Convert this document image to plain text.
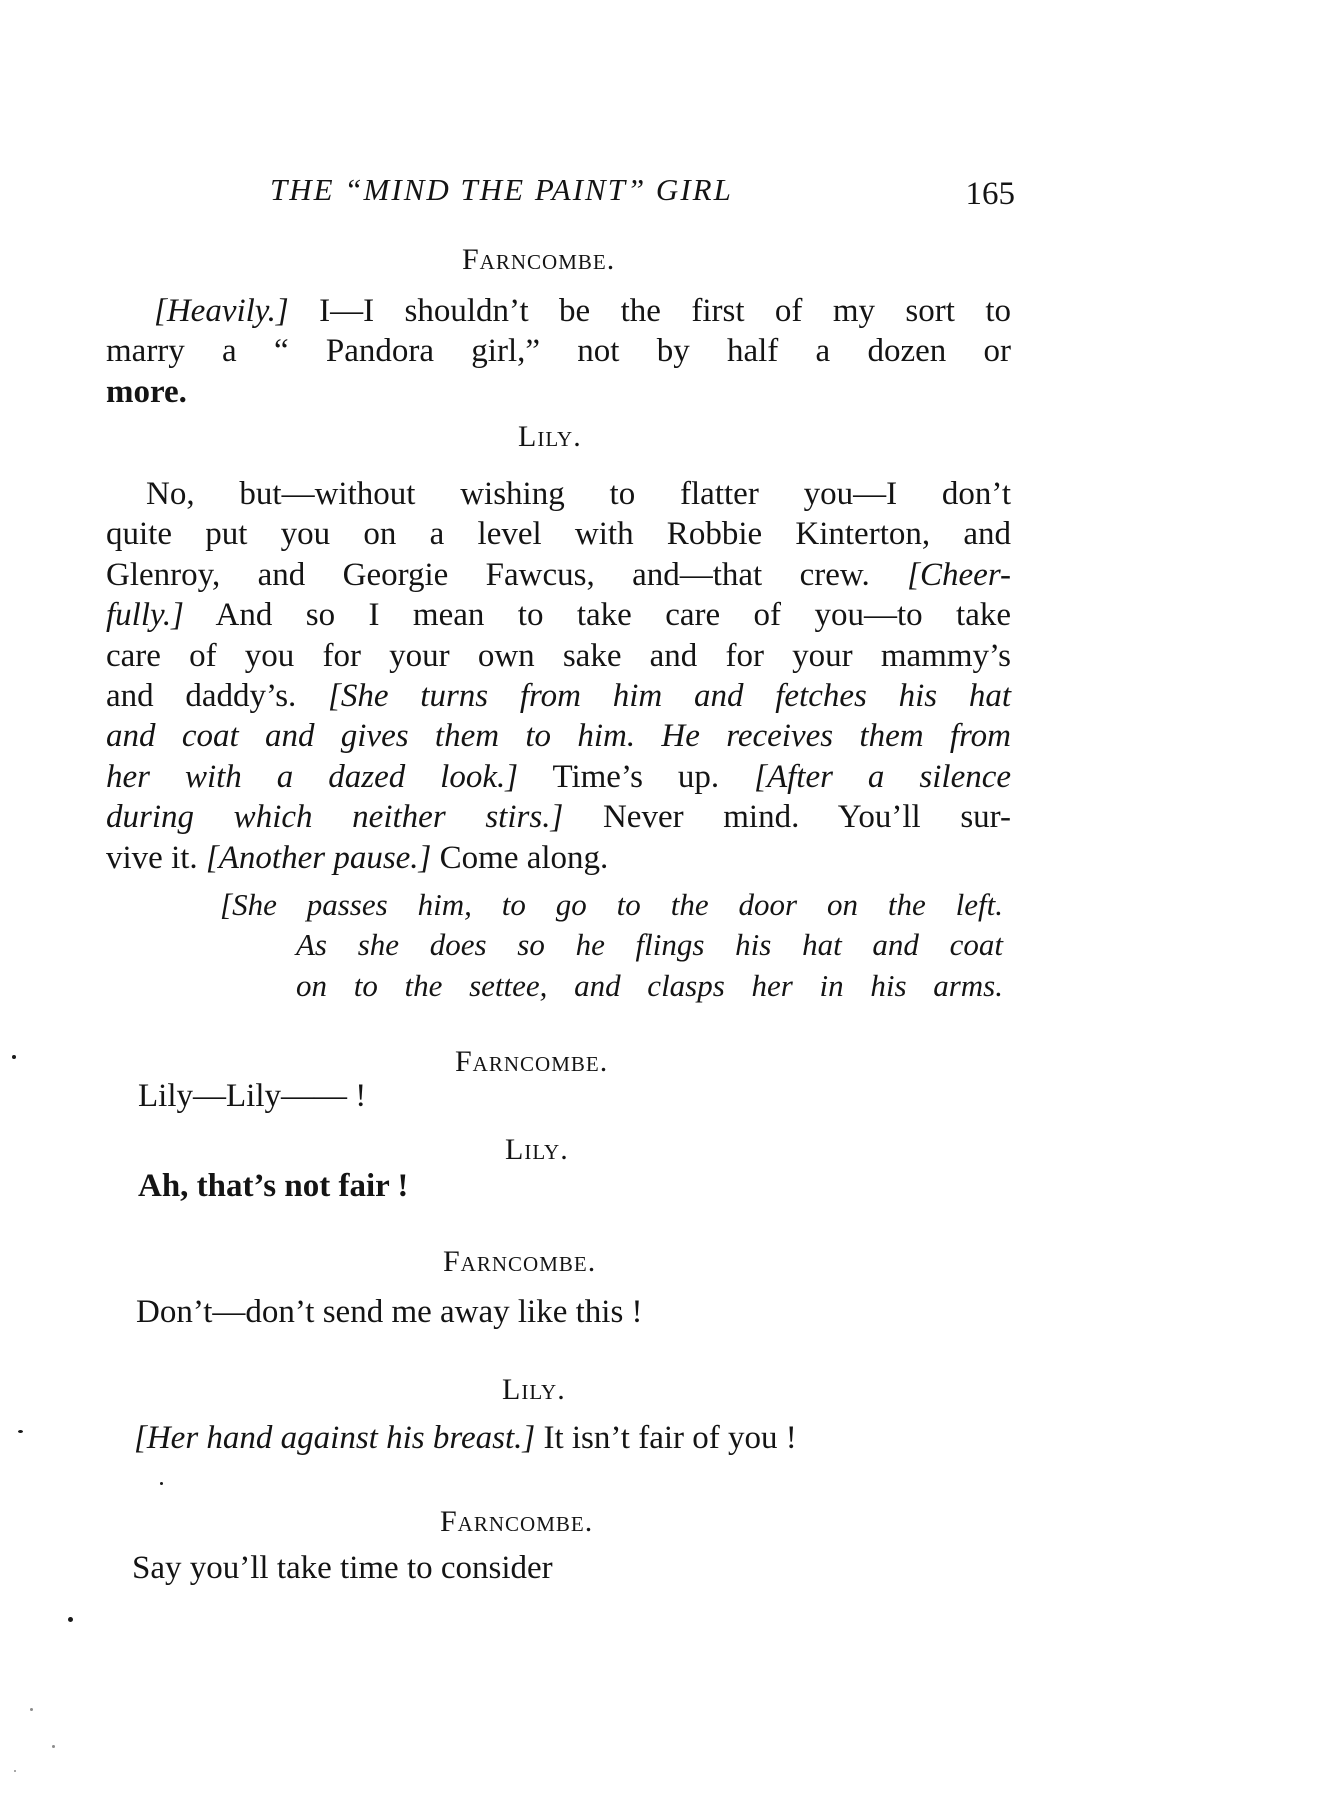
THE “MIND THE PAINT” GIRL	165
Farncombe.
[Heavily.] I—I shouldn’t be the first of my sort to
marry a “ Pandora girl,” not by half a dozen or
more.
Lily.
No, but—without wishing to flatter you—I don’t
quite put you on a level with Robbie Kinterton, and
Glenroy, and Georgie Fawcus, and—that crew. [Cheer-
fully.] And so I mean to take care of you—to take
care of you for your own sake and for your mammy’s
and daddy’s. [She turns from him and fetches his hat
and coat and gives them to him. He receives them from
her with a dazed look.] Time’s up. [After a silence
during which neither stirs.] Never mind. You’ll sur-
vive it. [Another pause.] Come along.
[She passes him, to go to the door on the left.
As she does so he flings his hat and coat
on to the settee, and clasps her in his arms.
Farncombe.
Lily—Lily—— !
Lily.
Ah, that’s not fair !
Farncombe.
Don’t—don’t send me away like this !
Lily.
[Her hand against his breast.] It isn’t fair of you !
Farncombe.
Say you’ll take time to consider
